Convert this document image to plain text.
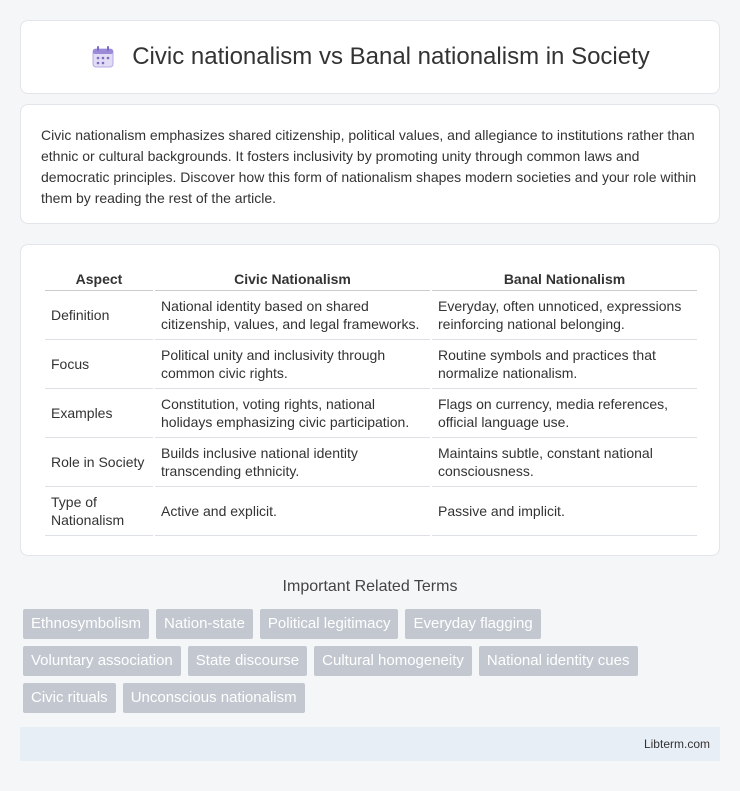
Civic nationalism vs Banal nationalism in Society

Civic nationalism emphasizes shared citizenship, political values, and allegiance to institutions rather than ethnic or cultural backgrounds. It fosters inclusivity by promoting unity through common laws and democratic principles. Discover how this form of nationalism shapes modern societies and your role within them by reading the rest of the article.

Aspect	Civic Nationalism	Banal Nationalism
Definition	National identity based on shared citizenship, values, and legal frameworks.	Everyday, often unnoticed, expressions reinforcing national belonging.
Focus	Political unity and inclusivity through common civic rights.	Routine symbols and practices that normalize nationalism.
Examples	Constitution, voting rights, national holidays emphasizing civic participation.	Flags on currency, media references, official language use.
Role in Society	Builds inclusive national identity transcending ethnicity.	Maintains subtle, constant national consciousness.
Type of Nationalism	Active and explicit.	Passive and implicit.
Important Related Terms
Ethnosymbolism	Nation-state	Political legitimacy	Everyday flagging
Voluntary association	State discourse	Cultural homogeneity	National identity cues
Civic rituals	Unconscious nationalism
Libterm.com
